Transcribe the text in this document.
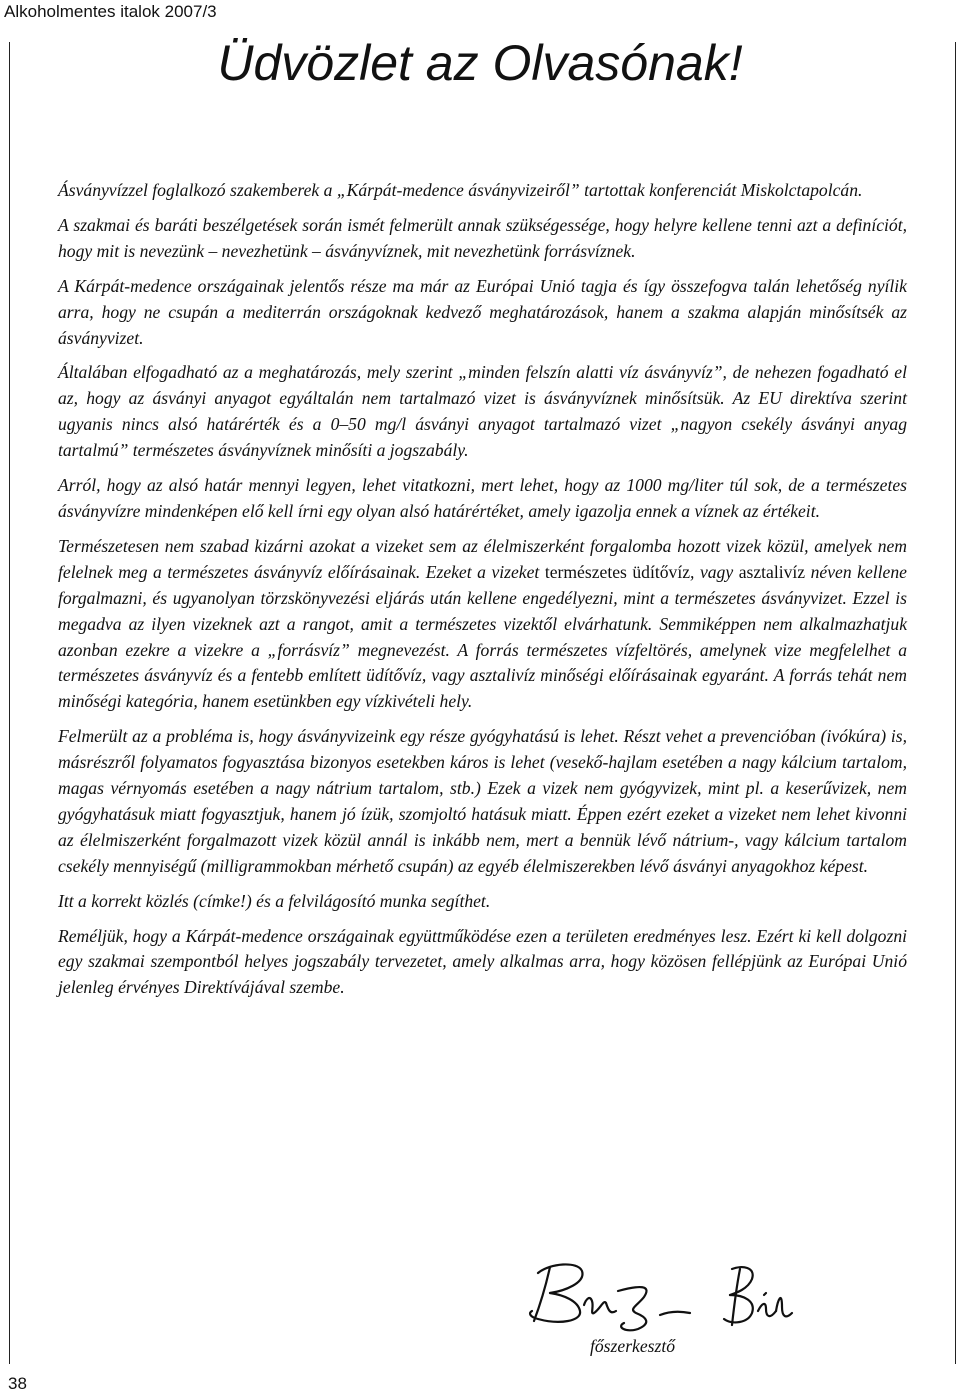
Alkoholmentes italok 2007/3
Üdvözlet az Olvasónak!

Ásványvízzel foglalkozó szakemberek a „Kárpát-medence ásványvizeiről” tartottak konferenciát Miskolctapolcán.

A szakmai és baráti beszélgetések során ismét felmerült annak szükségessége, hogy helyre kellene tenni azt a definíciót, hogy mit is nevezünk – nevezhetünk – ásványvíznek, mit nevezhetünk forrásvíznek.

A Kárpát-medence országainak jelentős része ma már az Európai Unió tagja és így összefogva talán lehetőség nyílik arra, hogy ne csupán a mediterrán országoknak kedvező meghatározások, hanem a szakma alapján minősítsék az ásványvizet.

Általában elfogadható az a meghatározás, mely szerint „minden felszín alatti víz ásványvíz”, de nehezen fogadható el az, hogy az ásványi anyagot egyáltalán nem tartalmazó vizet is ásványvíznek minősítsük. Az EU direktíva szerint ugyanis nincs alsó határérték és a 0–50 mg/l ásványi anyagot tartalmazó vizet „nagyon csekély ásványi anyag tartalmú” természetes ásványvíznek minősíti a jogszabály.

Arról, hogy az alsó határ mennyi legyen, lehet vitatkozni, mert lehet, hogy az 1000 mg/liter túl sok, de a természetes ásványvízre mindenképen elő kell írni egy olyan alsó határértéket, amely igazolja ennek a víznek az értékeit.

Természetesen nem szabad kizárni azokat a vizeket sem az élelmiszerként forgalomba hozott vizek közül, amelyek nem felelnek meg a természetes ásványvíz előírásainak. Ezeket a vizeket természetes üdítővíz, vagy asztalivíz néven kellene forgalmazni, és ugyanolyan törzskönyvezési eljárás után kellene engedélyezni, mint a természetes ásványvizet. Ezzel is megadva az ilyen vizeknek azt a rangot, amit a természetes vizektől elvárhatunk. Semmiképpen nem alkalmazhatjuk azonban ezekre a vizekre a „forrásvíz” megnevezést. A forrás természetes vízfeltörés, amelynek vize megfelelhet a természetes ásványvíz és a fentebb említett üdítővíz, vagy asztalivíz minőségi előírásainak egyaránt. A forrás tehát nem minőségi kategória, hanem esetünkben egy vízkivételi hely.

Felmerült az a probléma is, hogy ásványvizeink egy része gyógyhatású is lehet. Részt vehet a prevencióban (ivókúra) is, másrészről folyamatos fogyasztása bizonyos esetekben káros is lehet (vesekő-hajlam esetében a nagy kálcium tartalom, magas vérnyomás esetében a nagy nátrium tartalom, stb.) Ezek a vizek nem gyógyvizek, mint pl. a keserűvizek, nem gyógyhatásuk miatt fogyasztjuk, hanem jó ízük, szomjoltó hatásuk miatt. Éppen ezért ezeket a vizeket nem lehet kivonni az élelmiszerként forgalmazott vizek közül annál is inkább nem, mert a bennük lévő nátrium-, vagy kálcium tartalom csekély mennyiségű (milligrammokban mérhető csupán) az egyéb élelmiszerekben lévő ásványi anyagokhoz képest.

Itt a korrekt közlés (címke!) és a felvilágosító munka segíthet.

Reméljük, hogy a Kárpát-medence országainak együttműködése ezen a területen eredményes lesz. Ezért ki kell dolgozni egy szakmai szempontból helyes jogszabály tervezetet, amely alkalmas arra, hogy közösen fellépjünk az Európai Unió jelenleg érvényes Direktívájával szembe.

főszerkesztő
38
